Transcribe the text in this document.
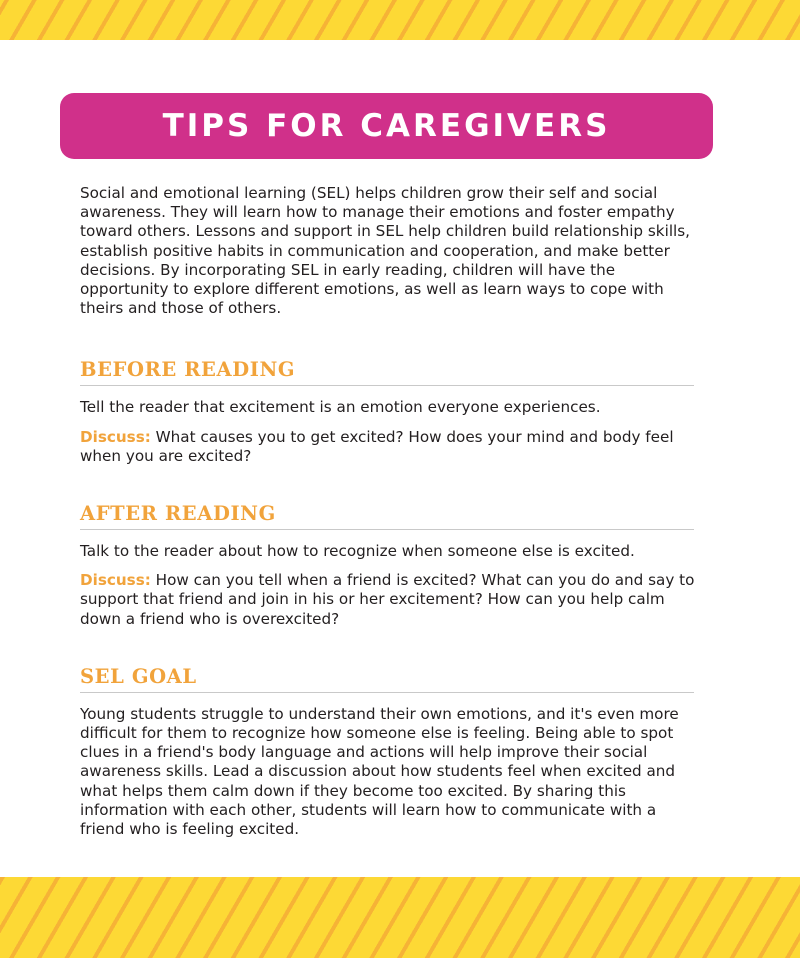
TIPS FOR CAREGIVERS

Social and emotional learning (SEL) helps children grow their self and social awareness. They will learn how to manage their emotions and foster empathy toward others. Lessons and support in SEL help children build relationship skills, establish positive habits in communication and cooperation, and make better decisions. By incorporating SEL in early reading, children will have the opportunity to explore different emotions, as well as learn ways to cope with theirs and those of others.

BEFORE READING

Tell the reader that excitement is an emotion everyone experiences.

Discuss: What causes you to get excited? How does your mind and body feel when you are excited?

AFTER READING

Talk to the reader about how to recognize when someone else is excited.

Discuss: How can you tell when a friend is excited? What can you do and say to support that friend and join in his or her excitement? How can you help calm down a friend who is overexcited?

SEL GOAL

Young students struggle to understand their own emotions, and it's even more difficult for them to recognize how someone else is feeling. Being able to spot clues in a friend's body language and actions will help improve their social awareness skills. Lead a discussion about how students feel when excited and what helps them calm down if they become too excited. By sharing this information with each other, students will learn how to communicate with a friend who is feeling excited.
